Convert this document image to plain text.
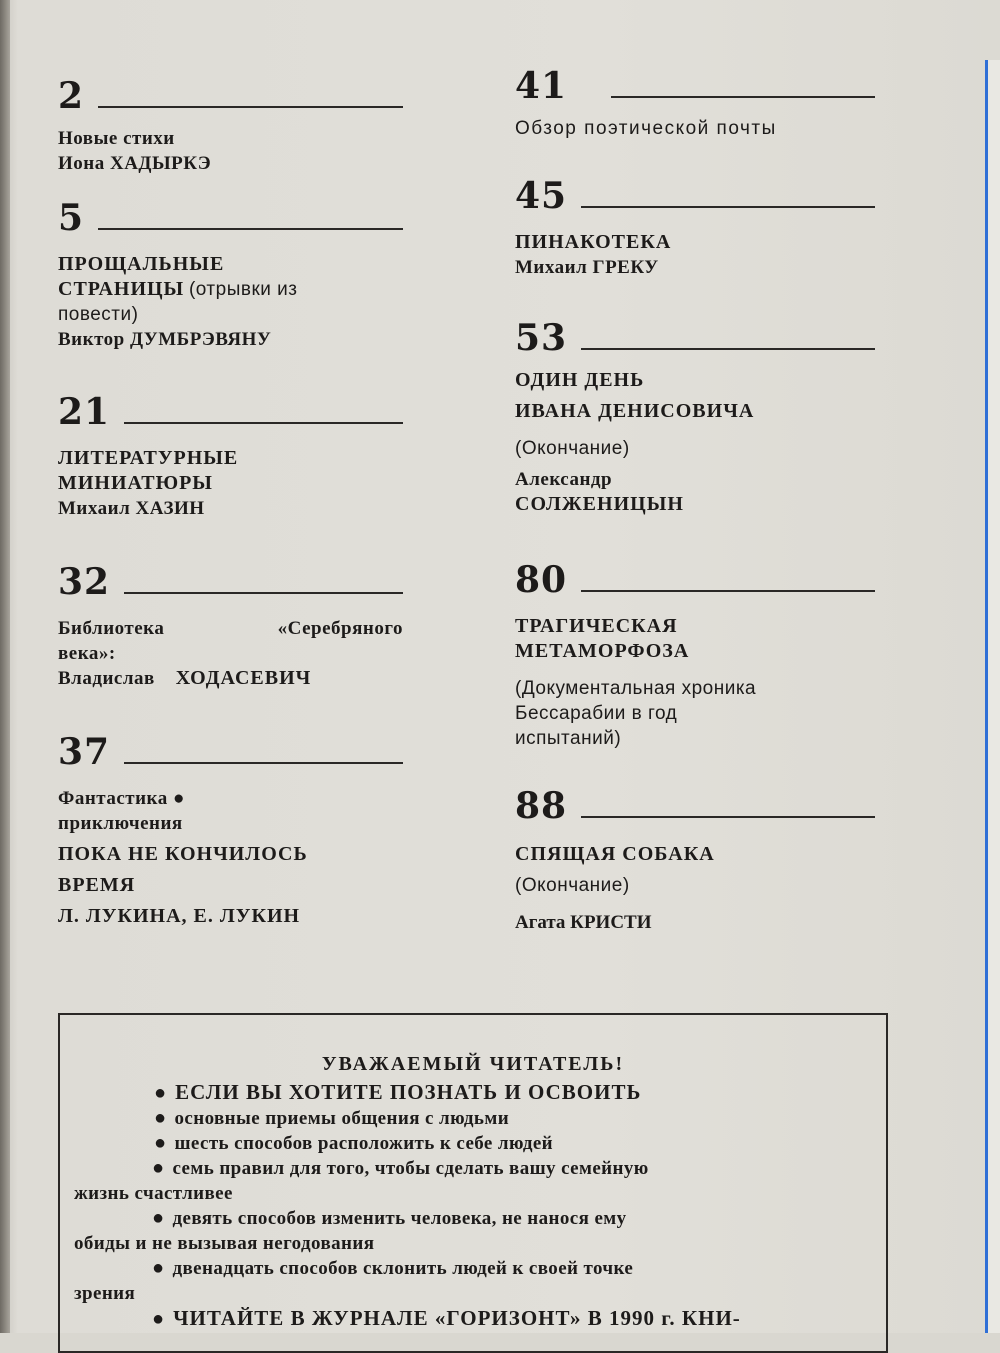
2
Новые стихи
Иона ХАДЫРКЭ
5
ПРОЩАЛЬНЫЕ
СТРАНИЦЫ (отрывки из
повести)
Виктор ДУМБРЭВЯНУ
21
ЛИТЕРАТУРНЫЕ
МИНИАТЮРЫ
Михаил ХАЗИН
32
Библиотека	«Серебряного
века»:
Владислав ХОДАСЕВИЧ
37
Фантастика ●
приключения
ПОКА НЕ КОНЧИЛОСЬ
ВРЕМЯ
Л. ЛУКИНА, Е. ЛУКИН
41
Обзор поэтической почты
45
ПИНАКОТЕКА
Михаил ГРЕКУ
53
ОДИН ДЕНЬ
ИВАНА ДЕНИСОВИЧА
(Окончание)
Александр
СОЛЖЕНИЦЫН
80
ТРАГИЧЕСКАЯ
МЕТАМОРФОЗА
(Документальная хроника
Бессарабии в год
испытаний)
88
СПЯЩАЯ СОБАКА
(Окончание)
Агата КРИСТИ
УВАЖАЕМЫЙ ЧИТАТЕЛЬ!
● ЕСЛИ ВЫ ХОТИТЕ ПОЗНАТЬ И ОСВОИТЬ
● основные приемы общения с людьми
● шесть способов расположить к себе людей
● семь правил для того, чтобы сделать вашу семейную
жизнь счастливее
● девять способов изменить человека, не нанося ему
обиды и не вызывая негодования
● двенадцать способов склонить людей к своей точке
зрения
● ЧИТАЙТЕ В ЖУРНАЛЕ «ГОРИЗОНТ» В 1990 г. КНИ-
